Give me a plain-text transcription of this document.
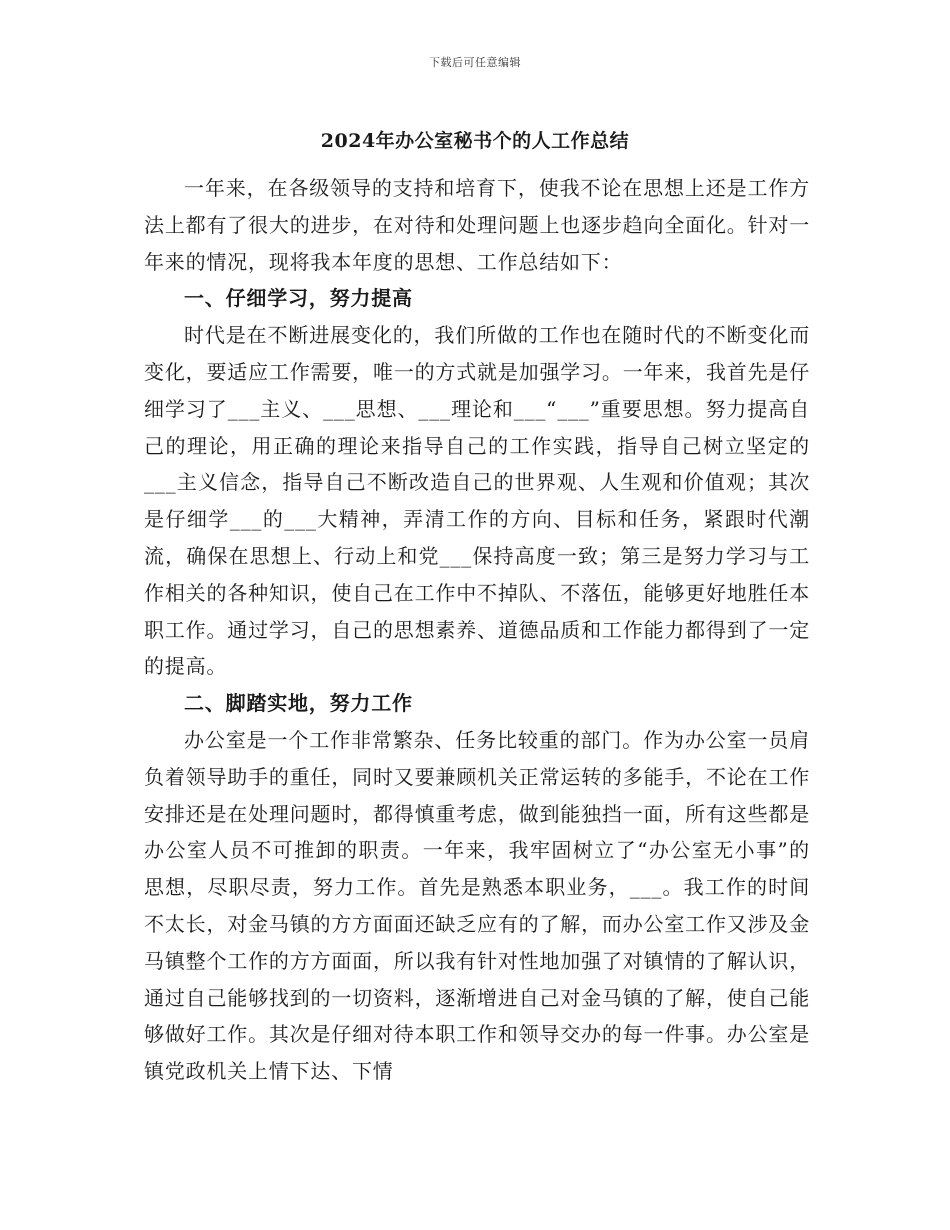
下载后可任意编辑
2024年办公室秘书个的人工作总结

一年来，在各级领导的支持和培育下，使我不论在思想上还是工作方法上都有了很大的进步，在对待和处理问题上也逐步趋向全面化。针对一年来的情况，现将我本年度的思想、工作总结如下：

一、仔细学习，努力提高

时代是在不断进展变化的，我们所做的工作也在随时代的不断变化而变化，要适应工作需要，唯一的方式就是加强学习。一年来，我首先是仔细学习了___主义、___思想、___理论和___“___”重要思想。努力提高自己的理论，用正确的理论来指导自己的工作实践，指导自己树立坚定的___主义信念，指导自己不断改造自己的世界观、人生观和价值观；其次是仔细学___的___大精神，弄清工作的方向、目标和任务，紧跟时代潮流，确保在思想上、行动上和党___保持高度一致；第三是努力学习与工作相关的各种知识，使自己在工作中不掉队、不落伍，能够更好地胜任本职工作。通过学习，自己的思想素养、道德品质和工作能力都得到了一定的提高。

二、脚踏实地，努力工作

办公室是一个工作非常繁杂、任务比较重的部门。作为办公室一员肩负着领导助手的重任，同时又要兼顾机关正常运转的多能手，不论在工作安排还是在处理问题时，都得慎重考虑，做到能独挡一面，所有这些都是办公室人员不可推卸的职责。一年来，我牢固树立了“办公室无小事”的思想，尽职尽责，努力工作。首先是熟悉本职业务，___。我工作的时间不太长，对金马镇的方方面面还缺乏应有的了解，而办公室工作又涉及金马镇整个工作的方方面面，所以我有针对性地加强了对镇情的了解认识，通过自己能够找到的一切资料，逐渐增进自己对金马镇的了解，使自己能够做好工作。其次是仔细对待本职工作和领导交办的每一件事。办公室是镇党政机关上情下达、下情
